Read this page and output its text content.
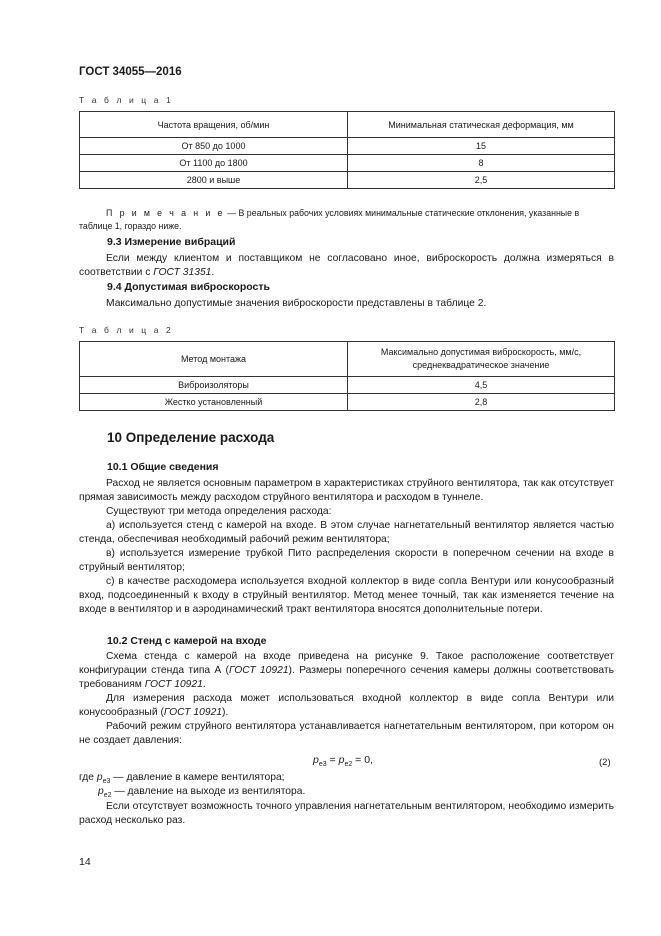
ГОСТ 34055—2016
Т а б л и ц а 1
Частота вращения, об/мин	Минимальная статическая деформация, мм
От 850 до 1000	15
От 1100 до 1800	8
2800 и выше	2,5
П р и м е ч а н и е — В реальных рабочих условиях минимальные статические отклонения, указанные в таблице 1, гораздо ниже.
9.3 Измерение вибраций
Если между клиентом и поставщиком не согласовано иное, виброскорость должна измеряться в соответствии с ГОСТ 31351.
9.4 Допустимая виброскорость
Максимально допустимые значения виброскорости представлены в таблице 2.
Т а б л и ц а 2
Метод монтажа	Максимально допустимая виброскорость, мм/с,
среднеквадратическое значение

Виброизоляторы	4,5
Жестко установленный	2,8
10 Определение расхода
10.1 Общие сведения
Расход не является основным параметром в характеристиках струйного вентилятора, так как отсутствует прямая зависимость между расходом струйного вентилятора и расходом в туннеле.
Существуют три метода определения расхода:
а) используется стенд с камерой на входе. В этом случае нагнетательный вентилятор является частью стенда, обеспечивая необходимый рабочий режим вентилятора;
в) используется измерение трубкой Пито распределения скорости в поперечном сечении на входе в струйный вентилятор;
с) в качестве расходомера используется входной коллектор в виде сопла Вентури или конусообразный вход, подсоединенный к входу в струйный вентилятор. Метод менее точный, так как изменяется течение на входе в вентилятор и в аэродинамический тракт вентилятора вносятся дополнительные потери.
10.2 Стенд с камерой на входе
Схема стенда с камерой на входе приведена на рисунке 9. Такое расположение соответствует конфигурации стенда типа А (ГОСТ 10921). Размеры поперечного сечения камеры должны соответствовать требованиям ГОСТ 10921.
Для измерения расхода может использоваться входной коллектор в виде сопла Вентури или конусообразный (ГОСТ 10921).
Рабочий режим струйного вентилятора устанавливается нагнетательным вентилятором, при котором он не создает давления:
$p_{e3} = p_{e2} = 0$,	(2)
где $p_{e3}$ — давление в камере вентилятора;
$p_{e2}$ — давление на выходе из вентилятора.
Если отсутствует возможность точного управления нагнетательным вентилятором, необходимо измерить расход несколько раз.
14
